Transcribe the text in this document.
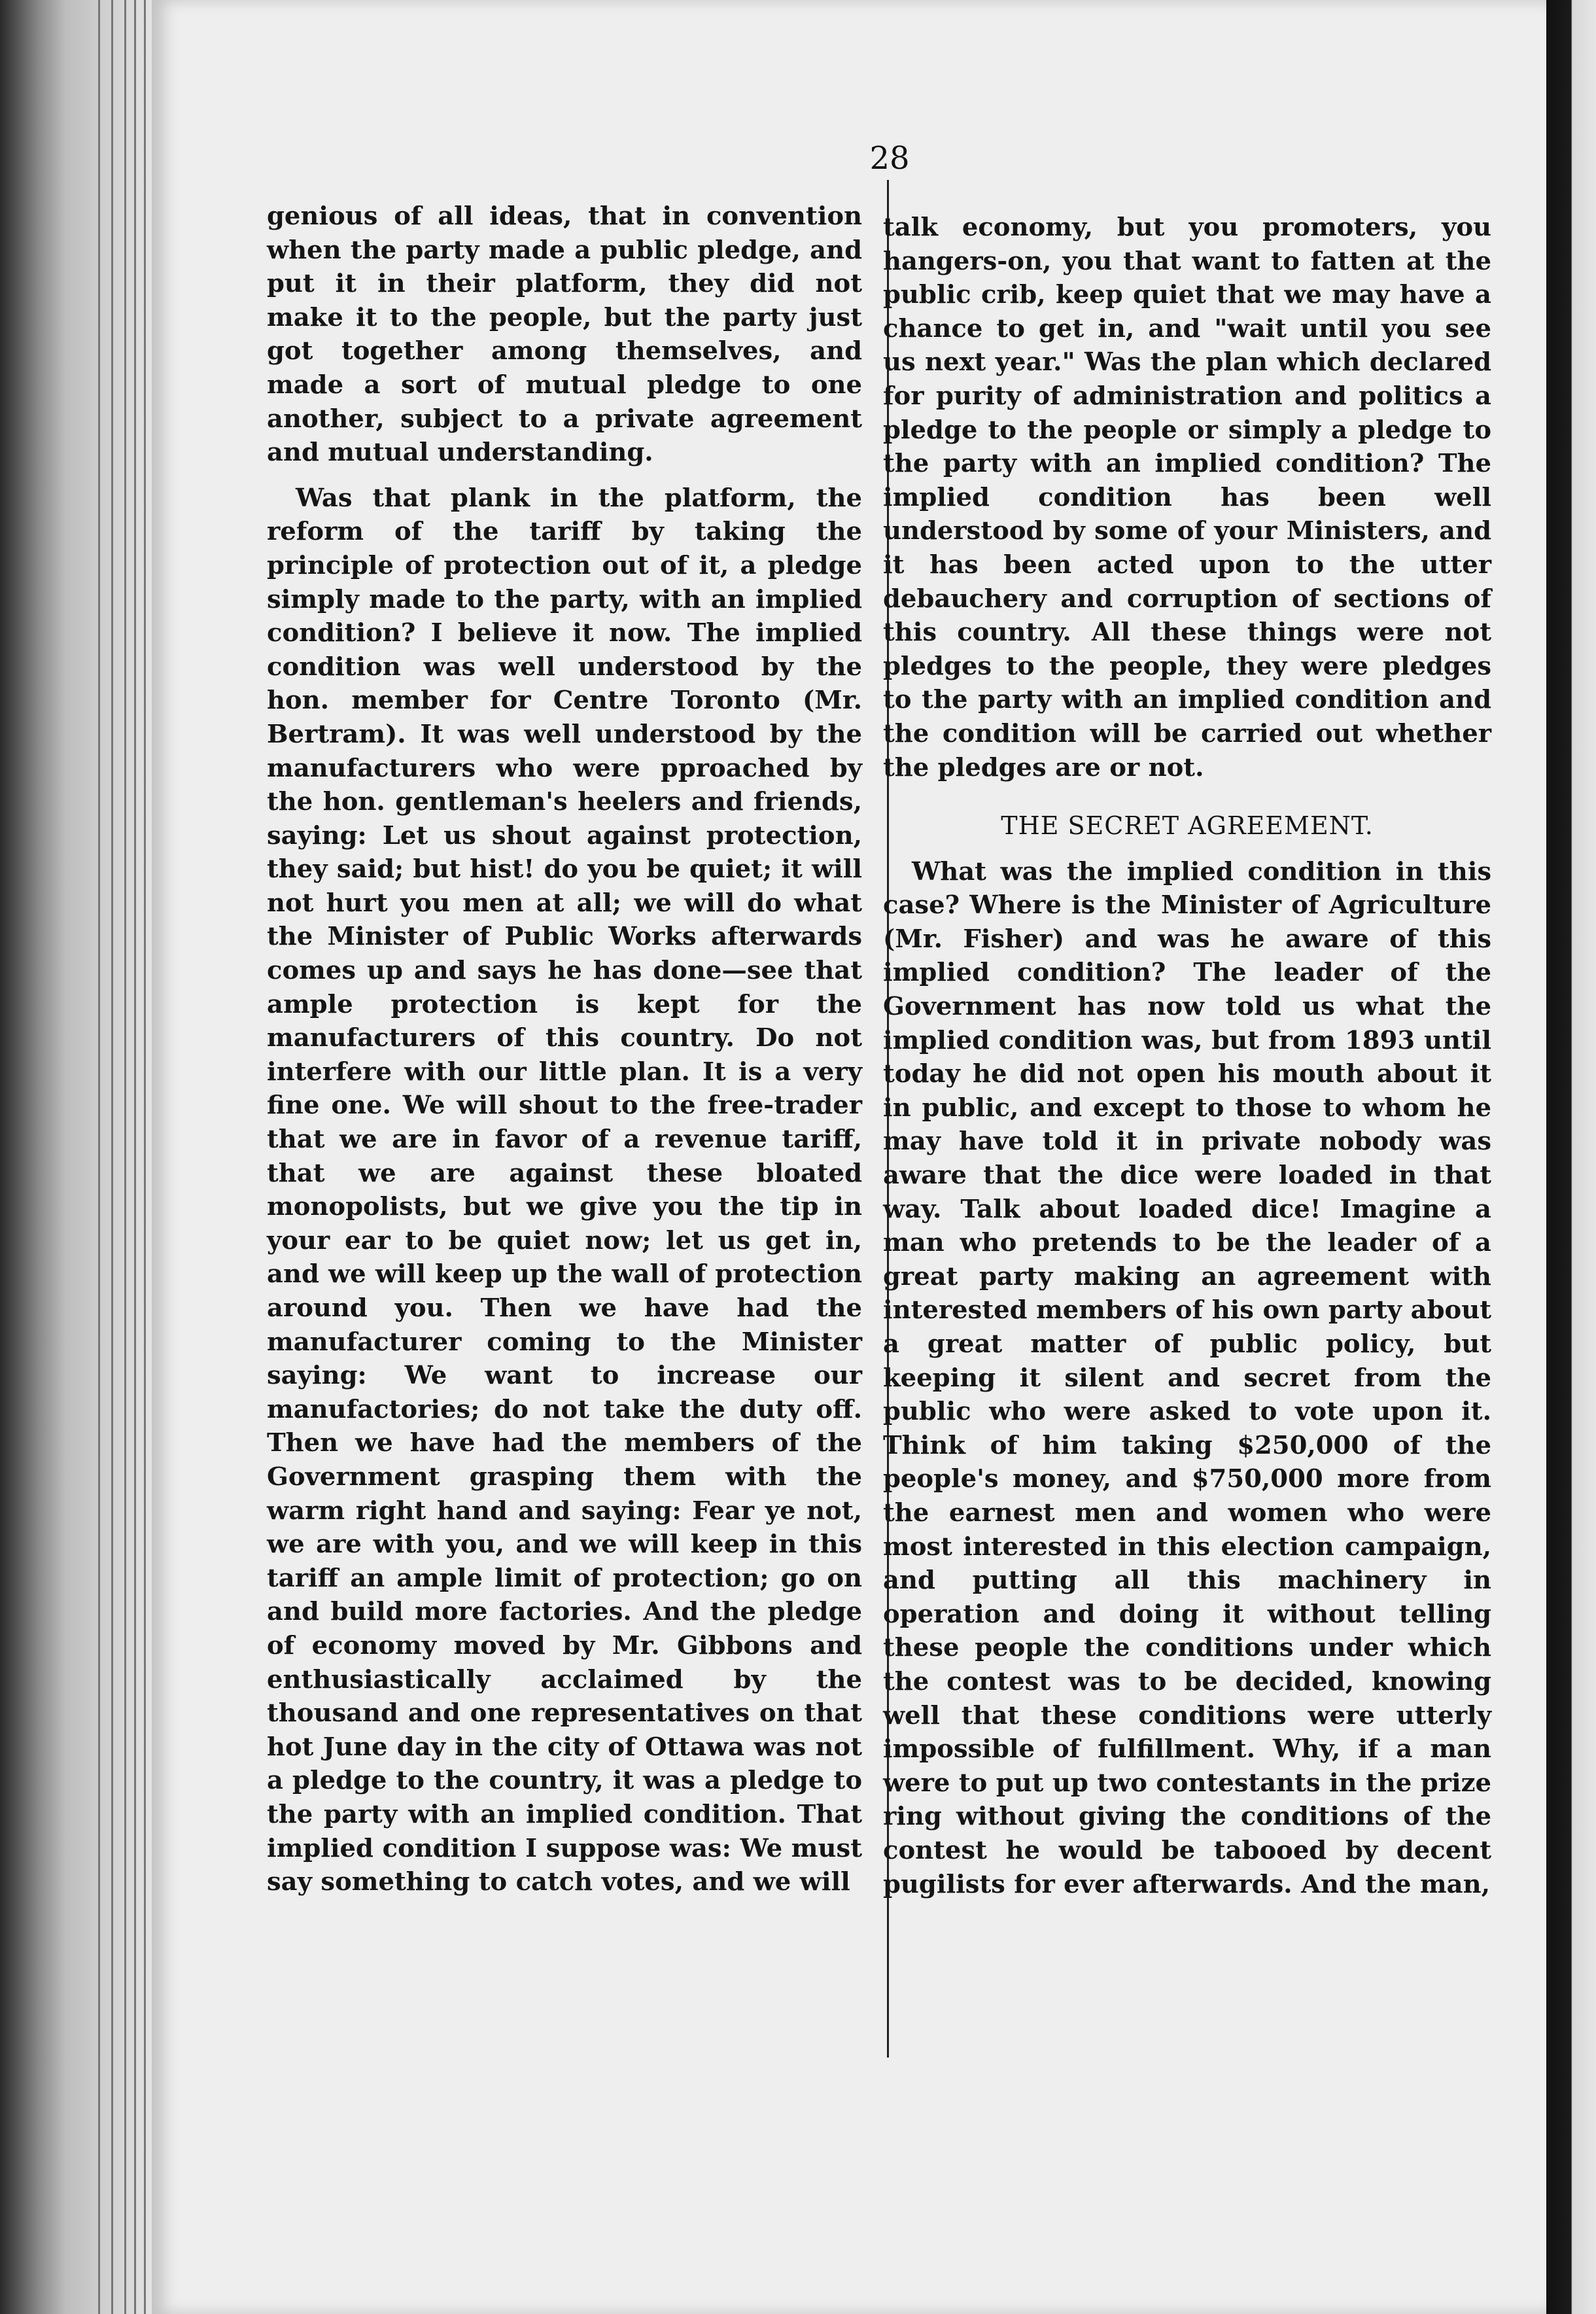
28

genious of all ideas, that in convention when the party made a public pledge, and put it in their platform, they did not make it to the people, but the party just got together among themselves, and made a sort of mutual pledge to one another, subject to a private agreement and mutual understanding.

Was that plank in the platform, the reform of the tariff by taking the principle of protection out of it, a pledge simply made to the party, with an implied condition? I believe it now. The implied condition was well understood by the hon. member for Centre Toronto (Mr. Bertram). It was well understood by the manufacturers who were pproached by the hon. gentleman's heelers and friends, saying: Let us shout against protection, they said; but hist! do you be quiet; it will not hurt you men at all; we will do what the Minister of Public Works afterwards comes up and says he has done—see that ample protection is kept for the manufacturers of this country. Do not interfere with our little plan. It is a very fine one. We will shout to the free-trader that we are in favor of a revenue tariff, that we are against these bloated monopolists, but we give you the tip in your ear to be quiet now; let us get in, and we will keep up the wall of protection around you. Then we have had the manufacturer coming to the Minister saying: We want to increase our manufactories; do not take the duty off. Then we have had the members of the Government grasping them with the warm right hand and saying: Fear ye not, we are with you, and we will keep in this tariff an ample limit of protection; go on and build more factories. And the pledge of economy moved by Mr. Gibbons and enthusiastically acclaimed by the thousand and one representatives on that hot June day in the city of Ottawa was not a pledge to the country, it was a pledge to the party with an implied condition. That implied condition I suppose was: We must say something to catch votes, and we will

talk economy, but you promoters, you hangers-on, you that want to fatten at the public crib, keep quiet that we may have a chance to get in, and "wait until you see us next year." Was the plan which declared for purity of administration and politics a pledge to the people or simply a pledge to the party with an implied condition? The implied condition has been well understood by some of your Ministers, and it has been acted upon to the utter debauchery and corruption of sections of this country. All these things were not pledges to the people, they were pledges to the party with an implied condition and the condition will be carried out whether the pledges are or not.

THE SECRET AGREEMENT.

What was the implied condition in this case? Where is the Minister of Agriculture (Mr. Fisher) and was he aware of this implied condition? The leader of the Government has now told us what the implied condition was, but from 1893 until today he did not open his mouth about it in public, and except to those to whom he may have told it in private nobody was aware that the dice were loaded in that way. Talk about loaded dice! Imagine a man who pretends to be the leader of a great party making an agreement with interested members of his own party about a great matter of public policy, but keeping it silent and secret from the public who were asked to vote upon it. Think of him taking $250,000 of the people's money, and $750,000 more from the earnest men and women who were most interested in this election campaign, and putting all this machinery in operation and doing it without telling these people the conditions under which the contest was to be decided, knowing well that these conditions were utterly impossible of fulfillment. Why, if a man were to put up two contestants in the prize ring without giving the conditions of the contest he would be tabooed by decent pugilists for ever afterwards. And the man,
